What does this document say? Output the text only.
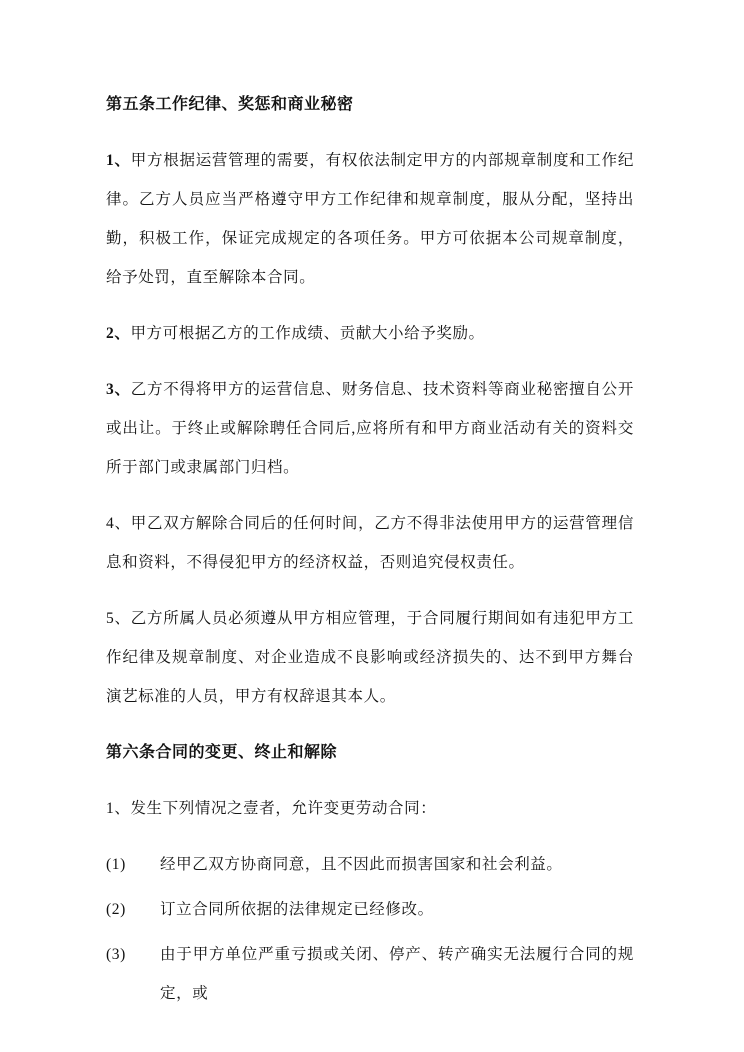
第五条工作纪律、奖惩和商业秘密

1、甲方根据运营管理的需要，有权依法制定甲方的内部规章制度和工作纪律。乙方人员应当严格遵守甲方工作纪律和规章制度，服从分配，坚持出勤，积极工作，保证完成规定的各项任务。甲方可依据本公司规章制度，给予处罚，直至解除本合同。

2、甲方可根据乙方的工作成绩、贡献大小给予奖励。

3、乙方不得将甲方的运营信息、财务信息、技术资料等商业秘密擅自公开或出让。于终止或解除聘任合同后,应将所有和甲方商业活动有关的资料交所于部门或隶属部门归档。

4、甲乙双方解除合同后的任何时间，乙方不得非法使用甲方的运营管理信息和资料，不得侵犯甲方的经济权益，否则追究侵权责任。

5、乙方所属人员必须遵从甲方相应管理，于合同履行期间如有违犯甲方工作纪律及规章制度、对企业造成不良影响或经济损失的、达不到甲方舞台演艺标准的人员，甲方有权辞退其本人。

第六条合同的变更、终止和解除

1、发生下列情况之壹者，允许变更劳动合同：

(1)	经甲乙双方协商同意，且不因此而损害国家和社会利益。

(2)	订立合同所依据的法律规定已经修改。

(3)	由于甲方单位严重亏损或关闭、停产、转产确实无法履行合同的规定，或
